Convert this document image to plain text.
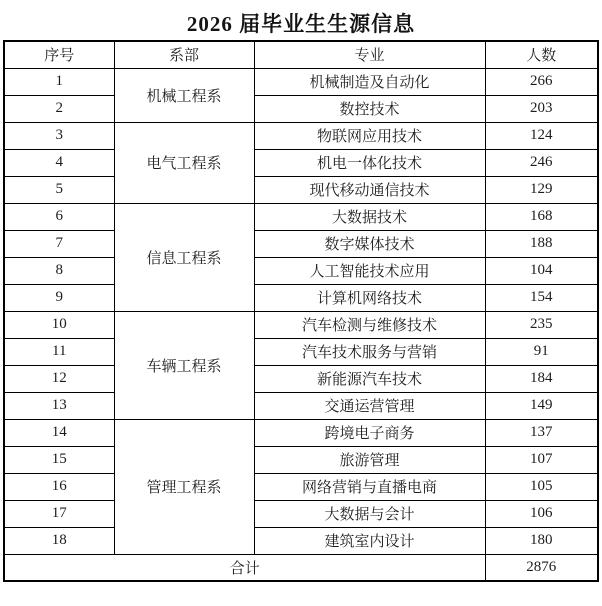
2026 届毕业生生源信息
序号	系部	专业	人数
1	机械工程系	机械制造及自动化	266
2		数控技术	203
3	电气工程系	物联网应用技术	124
4		机电一体化技术	246
5		现代移动通信技术	129
6	信息工程系	大数据技术	168
7		数字媒体技术	188
8		人工智能技术应用	104
9		计算机网络技术	154
10	车辆工程系	汽车检测与维修技术	235
11		汽车技术服务与营销	91
12		新能源汽车技术	184
13		交通运营管理	149
14	管理工程系	跨境电子商务	137
15		旅游管理	107
16		网络营销与直播电商	105
17		大数据与会计	106
18		建筑室内设计	180
合计			2876
